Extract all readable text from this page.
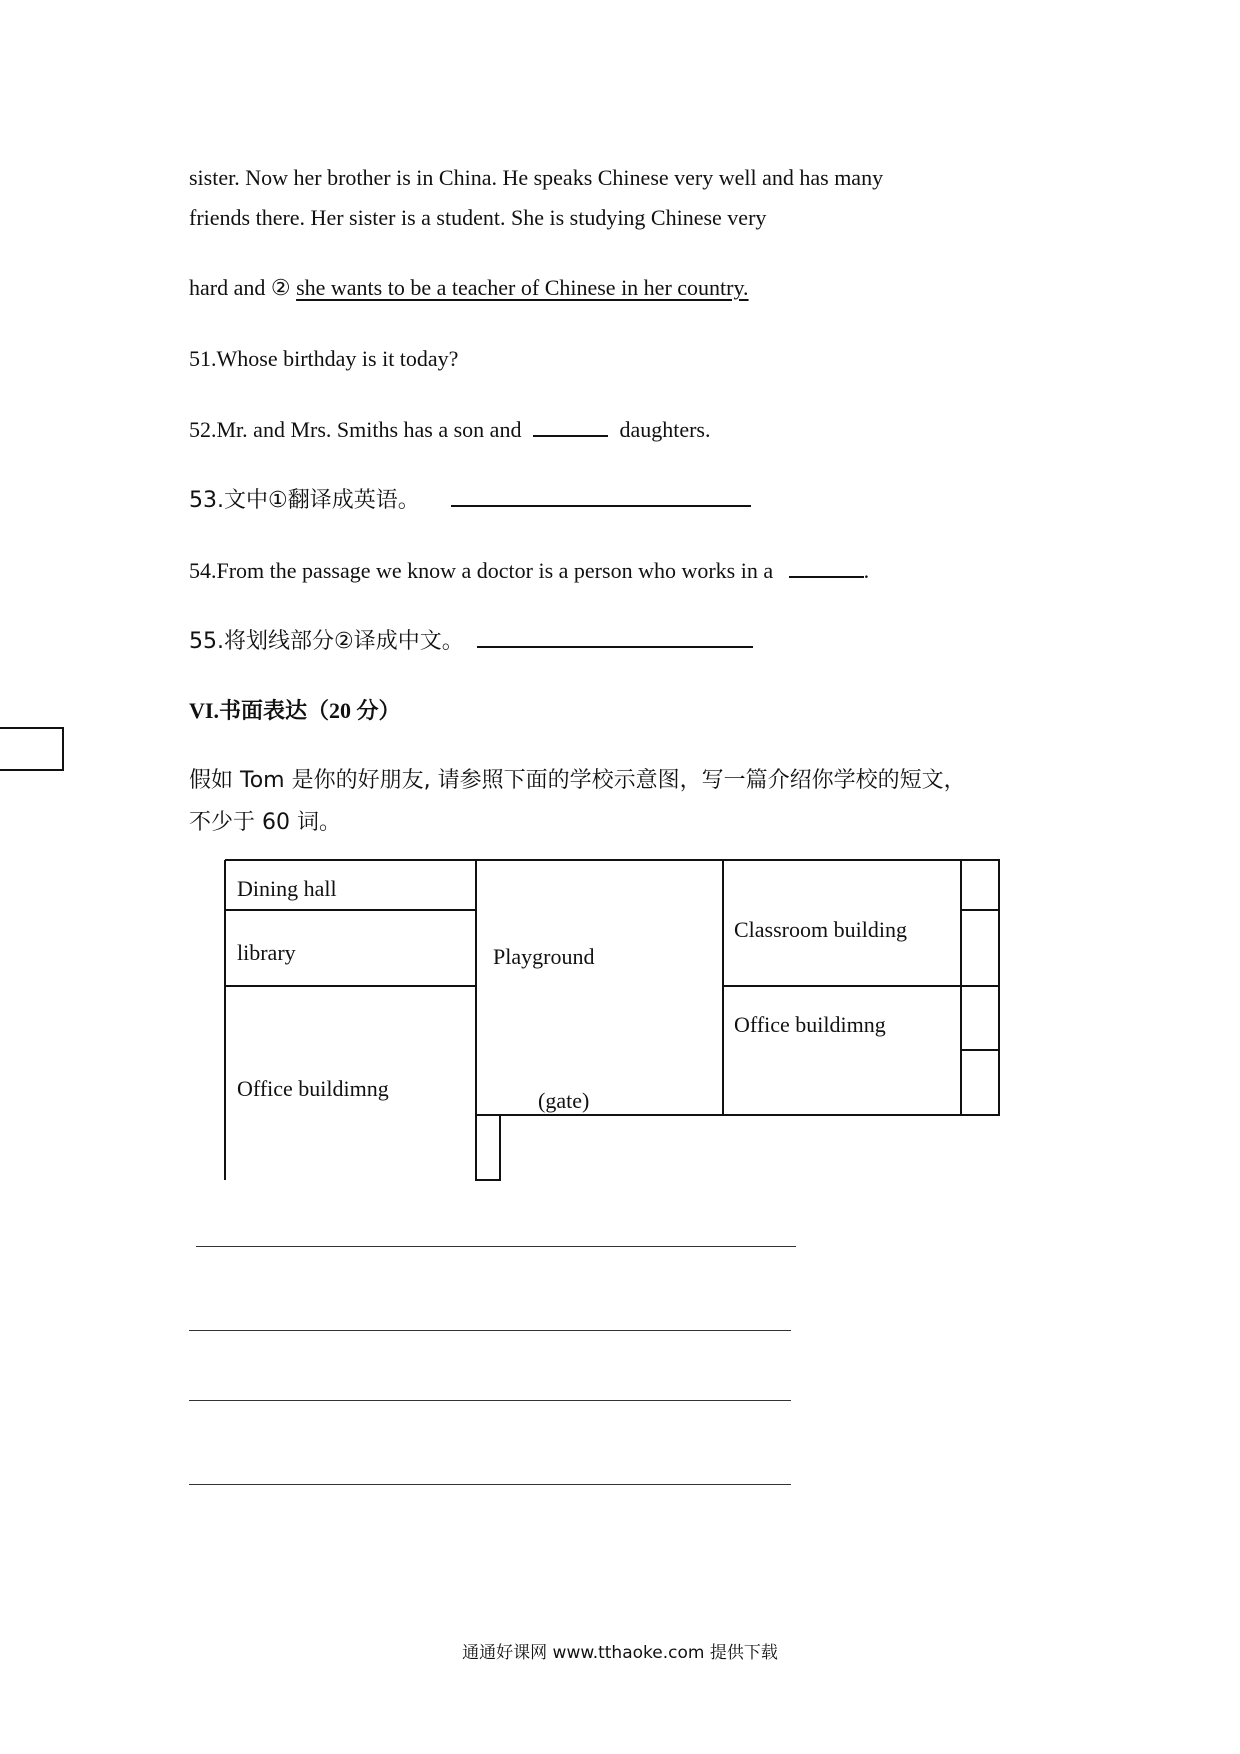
sister. Now her brother is in China. He speaks Chinese very well and has many
friends there. Her sister is a student. She is studying Chinese very
hard and ② she wants to be a teacher of Chinese in her country.
51.Whose birthday is it today?
52.Mr. and Mrs. Smiths has a son and	daughters.
53.文中①翻译成英语。
54.From the passage we know a doctor is a person who works in a	.
55.将划线部分②译成中文。
VI.书面表达（20 分）
假如 Tom 是你的好朋友, 请参照下面的学校示意图，写一篇介绍你学校的短文，
不少于 60 词。
Dining hall
library
Office buildimng
Playground
(gate)
Classroom building
Office buildimng
通通好课网 www.tthaoke.com 提供下载
